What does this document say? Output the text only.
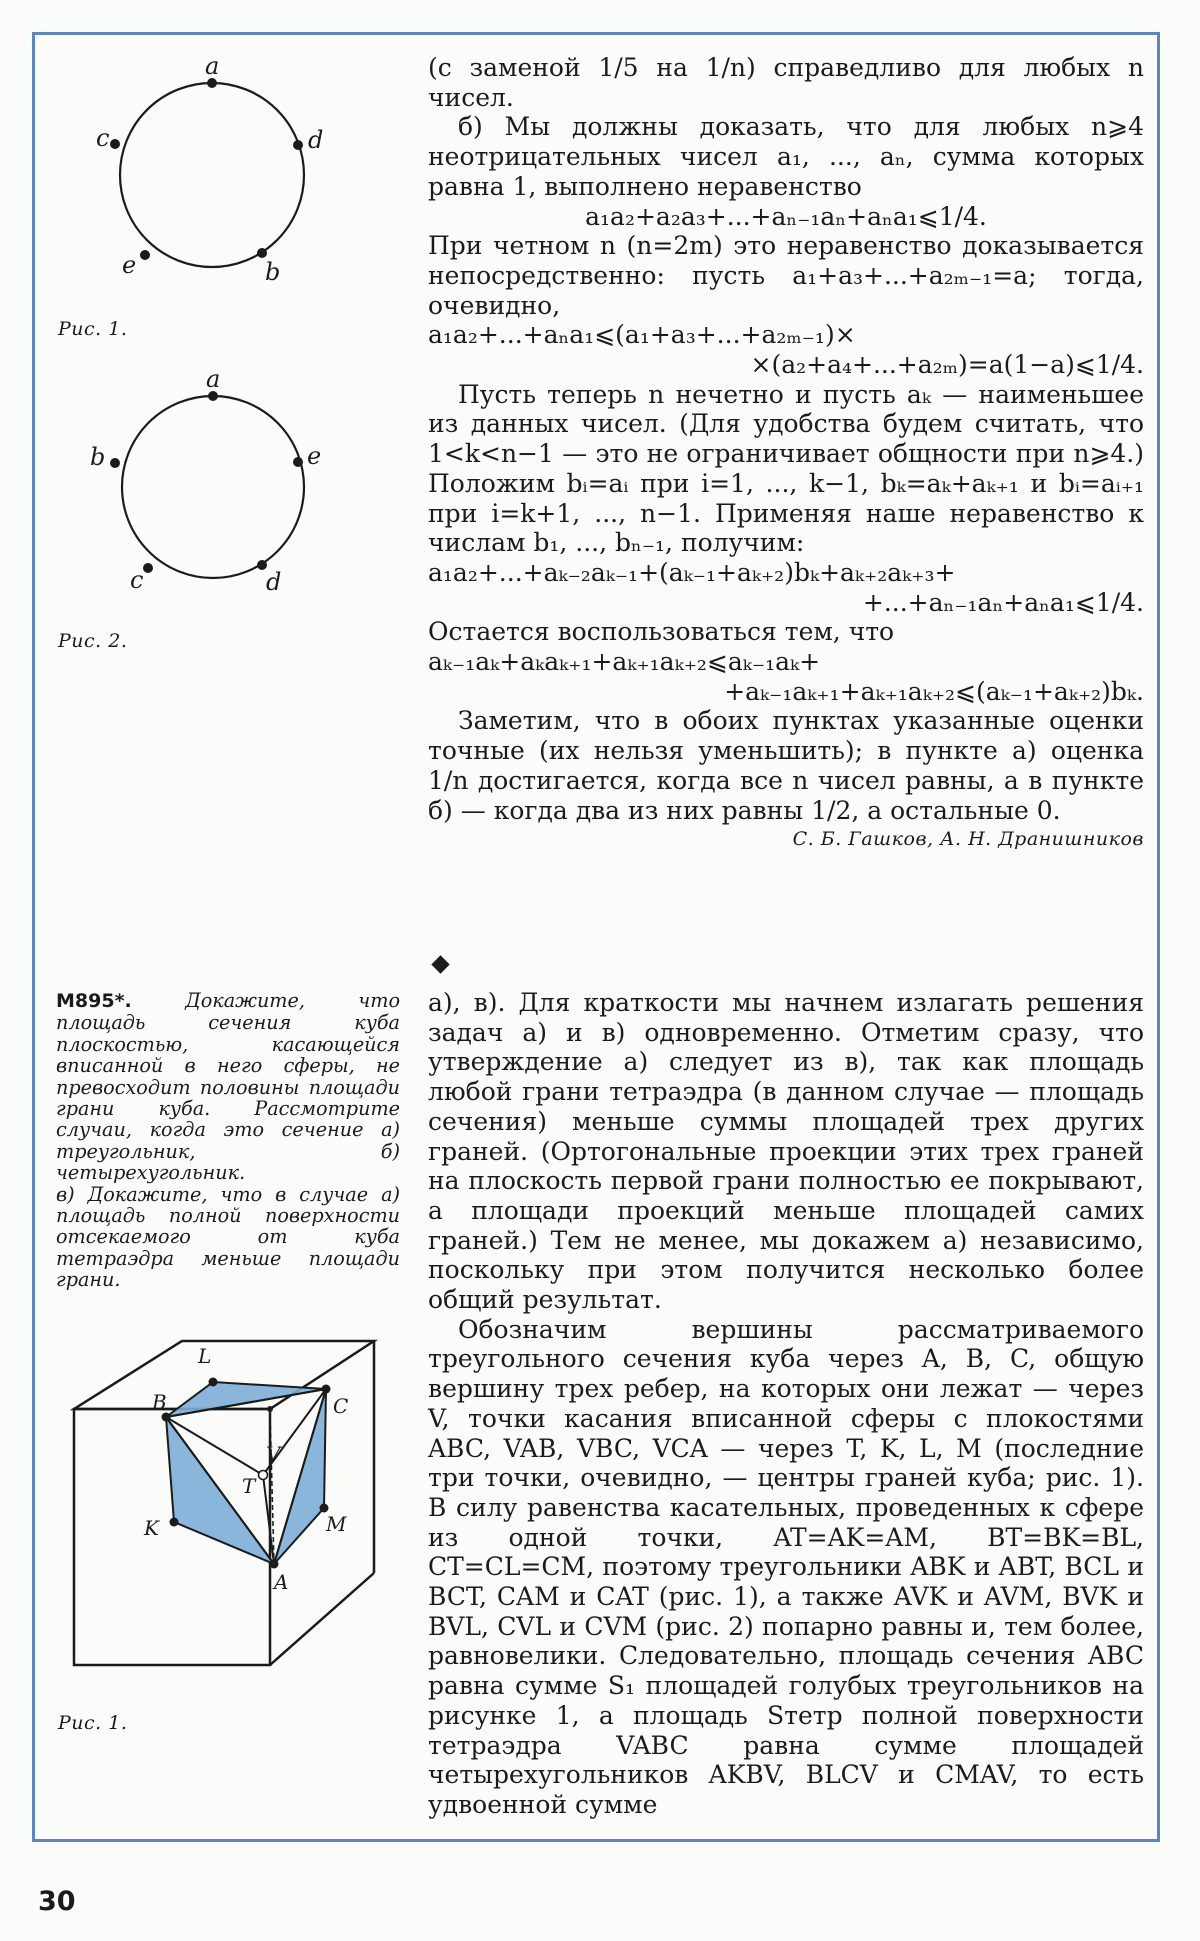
a
d
b
e
c
Рис. 1.
a
e
d
c
b
Рис. 2.

(с заменой 1/5 на 1/n) справедливо для любых n чисел.

б) Мы должны доказать, что для любых n⩾4 неотрицательных чисел a₁, ..., aₙ, сумма которых равна 1, выполнено неравенство

a₁a₂+a₂a₃+...+aₙ₋₁aₙ+aₙa₁⩽1/4.

При четном n (n=2m) это неравенство доказывается непосредственно: пусть a₁+a₃+...+a₂ₘ₋₁=a; тогда, очевидно,

a₁a₂+...+aₙa₁⩽(a₁+a₃+...+a₂ₘ₋₁)×

×(a₂+a₄+...+a₂ₘ)=a(1−a)⩽1/4.

Пусть теперь n нечетно и пусть aₖ — наименьшее из данных чисел. (Для удобства будем считать, что 1<k<n−1 — это не ограничивает общности при n⩾4.) Положим bᵢ=aᵢ при i=1, ..., k−1, bₖ=aₖ+aₖ₊₁ и bᵢ=aᵢ₊₁ при i=k+1, ..., n−1. Применяя наше неравенство к числам b₁, ..., bₙ₋₁, получим:

a₁a₂+...+aₖ₋₂aₖ₋₁+(aₖ₋₁+aₖ₊₂)bₖ+aₖ₊₂aₖ₊₃+

+...+aₙ₋₁aₙ+aₙa₁⩽1/4.

Остается воспользоваться тем, что

aₖ₋₁aₖ+aₖaₖ₊₁+aₖ₊₁aₖ₊₂⩽aₖ₋₁aₖ+

+aₖ₋₁aₖ₊₁+aₖ₊₁aₖ₊₂⩽(aₖ₋₁+aₖ₊₂)bₖ.

Заметим, что в обоих пунктах указанные оценки точные (их нельзя уменьшить); в пункте а) оценка 1/n достигается, когда все n чисел равны, а в пункте б) — когда два из них равны 1/2, а остальные 0.

С. Б. Гашков, А. Н. Дранишников

М895*.	Докажите, что площадь сечения куба плоскостью, касающейся вписанной в него сферы, не превосходит половины площади грани куба. Рассмотрите случаи, когда это сечение а) треугольник, б) четырехугольник.
в) Докажите, что в случае а) площадь полной поверхности отсекаемого от куба тетраэдра меньше площади грани.
L
B	C
V
T
M
K
A
Рис. 1.

а), в). Для краткости мы начнем излагать решения задач а) и в) одновременно. Отметим сразу, что утверждение а) следует из в), так как площадь любой грани тетраэдра (в данном случае — площадь сечения) меньше суммы площадей трех других граней. (Ортогональные проекции этих трех граней на плоскость первой грани полностью ее покрывают, а площади проекций меньше площадей самих граней.) Тем не менее, мы докажем а) независимо, поскольку при этом получится несколько более общий результат.

Обозначим вершины рассматриваемого треугольного сечения куба через A, B, C, общую вершину трех ребер, на которых они лежат — через V, точки касания вписанной сферы с плокостями ABC, VAB, VBC, VCA — через T, K, L, M (последние три точки, очевидно, — центры граней куба; рис. 1). В силу равенства касательных, проведенных к сфере из одной точки, AT=AK=AM, BT=BK=BL, CT=CL=CM, поэтому треугольники ABK и ABT, BCL и BCT, CAM и CAT (рис. 1), а также AVK и AVM, BVK и BVL, CVL и CVM (рис. 2) попарно равны и, тем более, равновелики. Следовательно, площадь сечения ABC равна сумме S₁ площадей голубых треугольников на рисунке 1, а площадь Sтетр полной поверхности тетраэдра VABC равна сумме площадей четырехугольников AKBV, BLCV и CMAV, то есть удвоенной сумме

30
